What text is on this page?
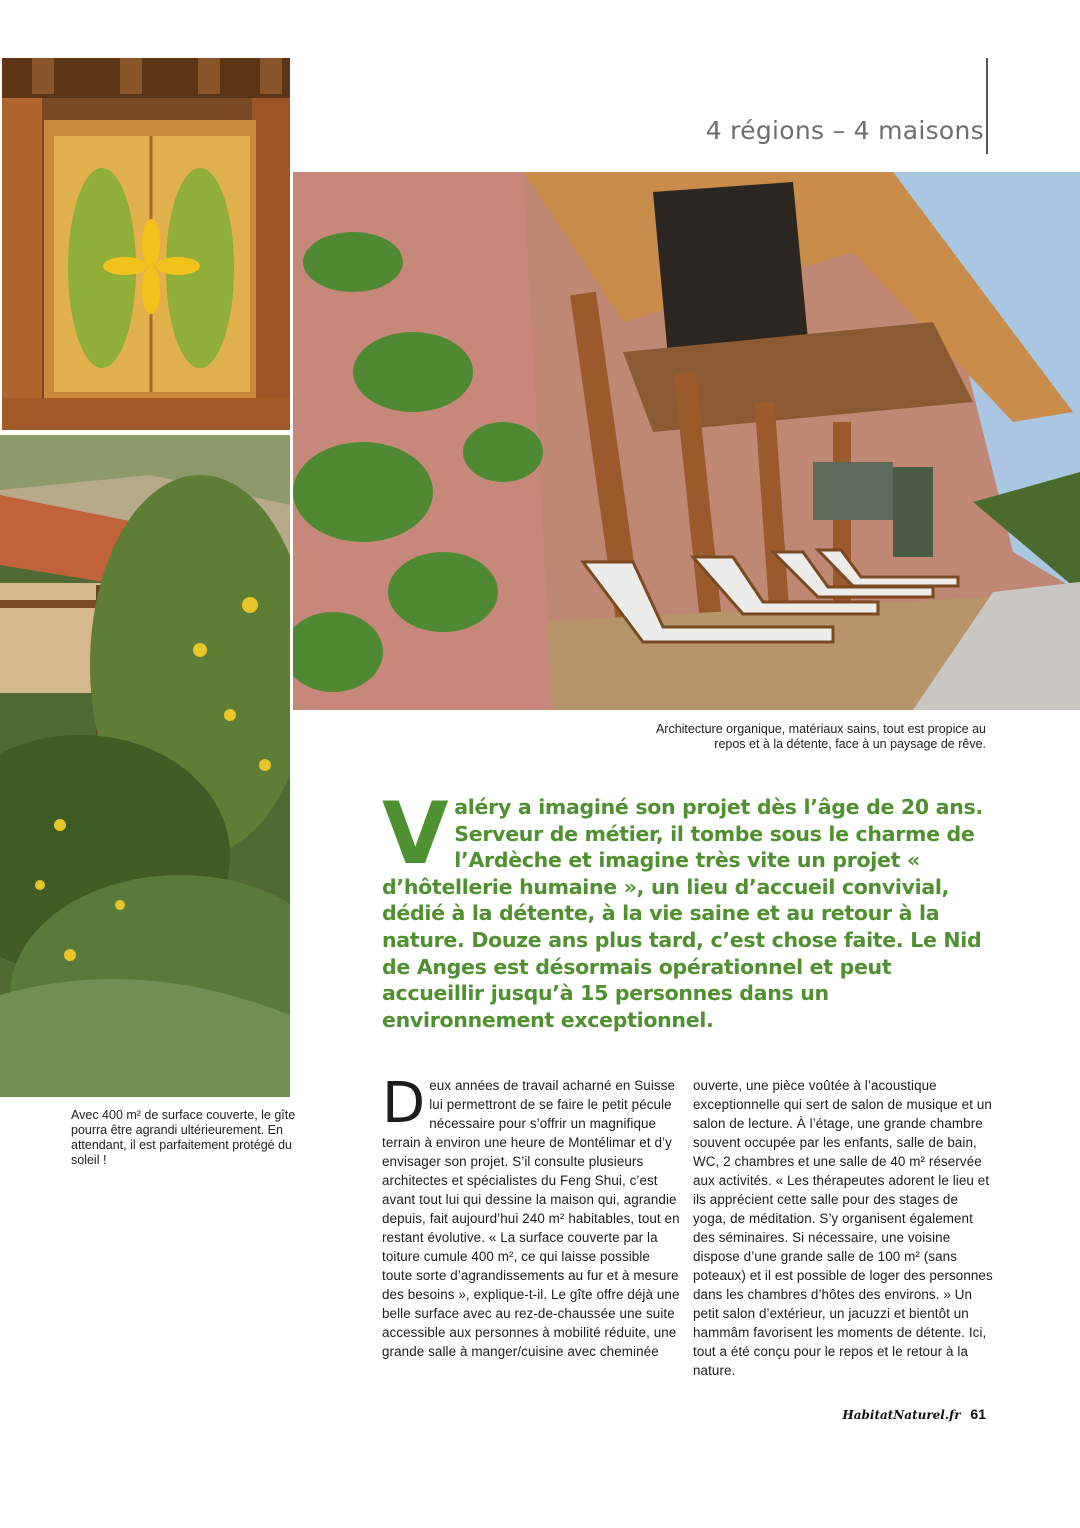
4 régions – 4 maisons
Architecture organique, matériaux sains, tout est propice au repos et à la détente, face à un paysage de rêve.
Avec 400 m² de surface couverte, le gîte pourra être agrandi ultérieurement. En attendant, il est parfaitement protégé du soleil !
V aléry a imaginé son projet dès l’âge de 20 ans. Serveur de métier, il tombe sous le charme de l’Ardèche et imagine très vite un projet « d’hôtellerie humaine », un lieu d’accueil convivial, dédié à la détente, à la vie saine et au retour à la nature. Douze ans plus tard, c’est chose faite. Le Nid de Anges est désormais opérationnel et peut accueillir jusqu’à 15 personnes dans un environnement exceptionnel.
D eux années de travail acharné en Suisse lui permettront de se faire le petit pécule nécessaire pour s’offrir un magnifique terrain à environ une heure de Montélimar et d’y envisager son projet. S’il consulte plusieurs architectes et spécialistes du Feng Shui, c’est avant tout lui qui dessine la maison qui, agrandie depuis, fait aujourd’hui 240 m² habitables, tout en restant évolutive. « La surface couverte par la toiture cumule 400 m², ce qui laisse possible toute sorte d’agrandissements au fur et à mesure des besoins », explique-t-il. Le gîte offre déjà une belle surface avec au rez-de-chaussée une suite accessible aux personnes à mobilité réduite, une grande salle à manger/cuisine avec cheminée
ouverte, une pièce voûtée à l’acoustique exceptionnelle qui sert de salon de musique et un salon de lecture. À l’étage, une grande chambre souvent occupée par les enfants, salle de bain, WC, 2 chambres et une salle de 40 m² réservée aux activités. « Les thérapeutes adorent le lieu et ils apprécient cette salle pour des stages de yoga, de méditation. S’y organisent également des séminaires. Si nécessaire, une voisine dispose d’une grande salle de 100 m² (sans poteaux) et il est possible de loger des personnes dans les chambres d’hôtes des environs. » Un petit salon d’extérieur, un jacuzzi et bientôt un hammâm favorisent les moments de détente. Ici, tout a été conçu pour le repos et le retour à la nature.
HabitatNaturel.fr 61
